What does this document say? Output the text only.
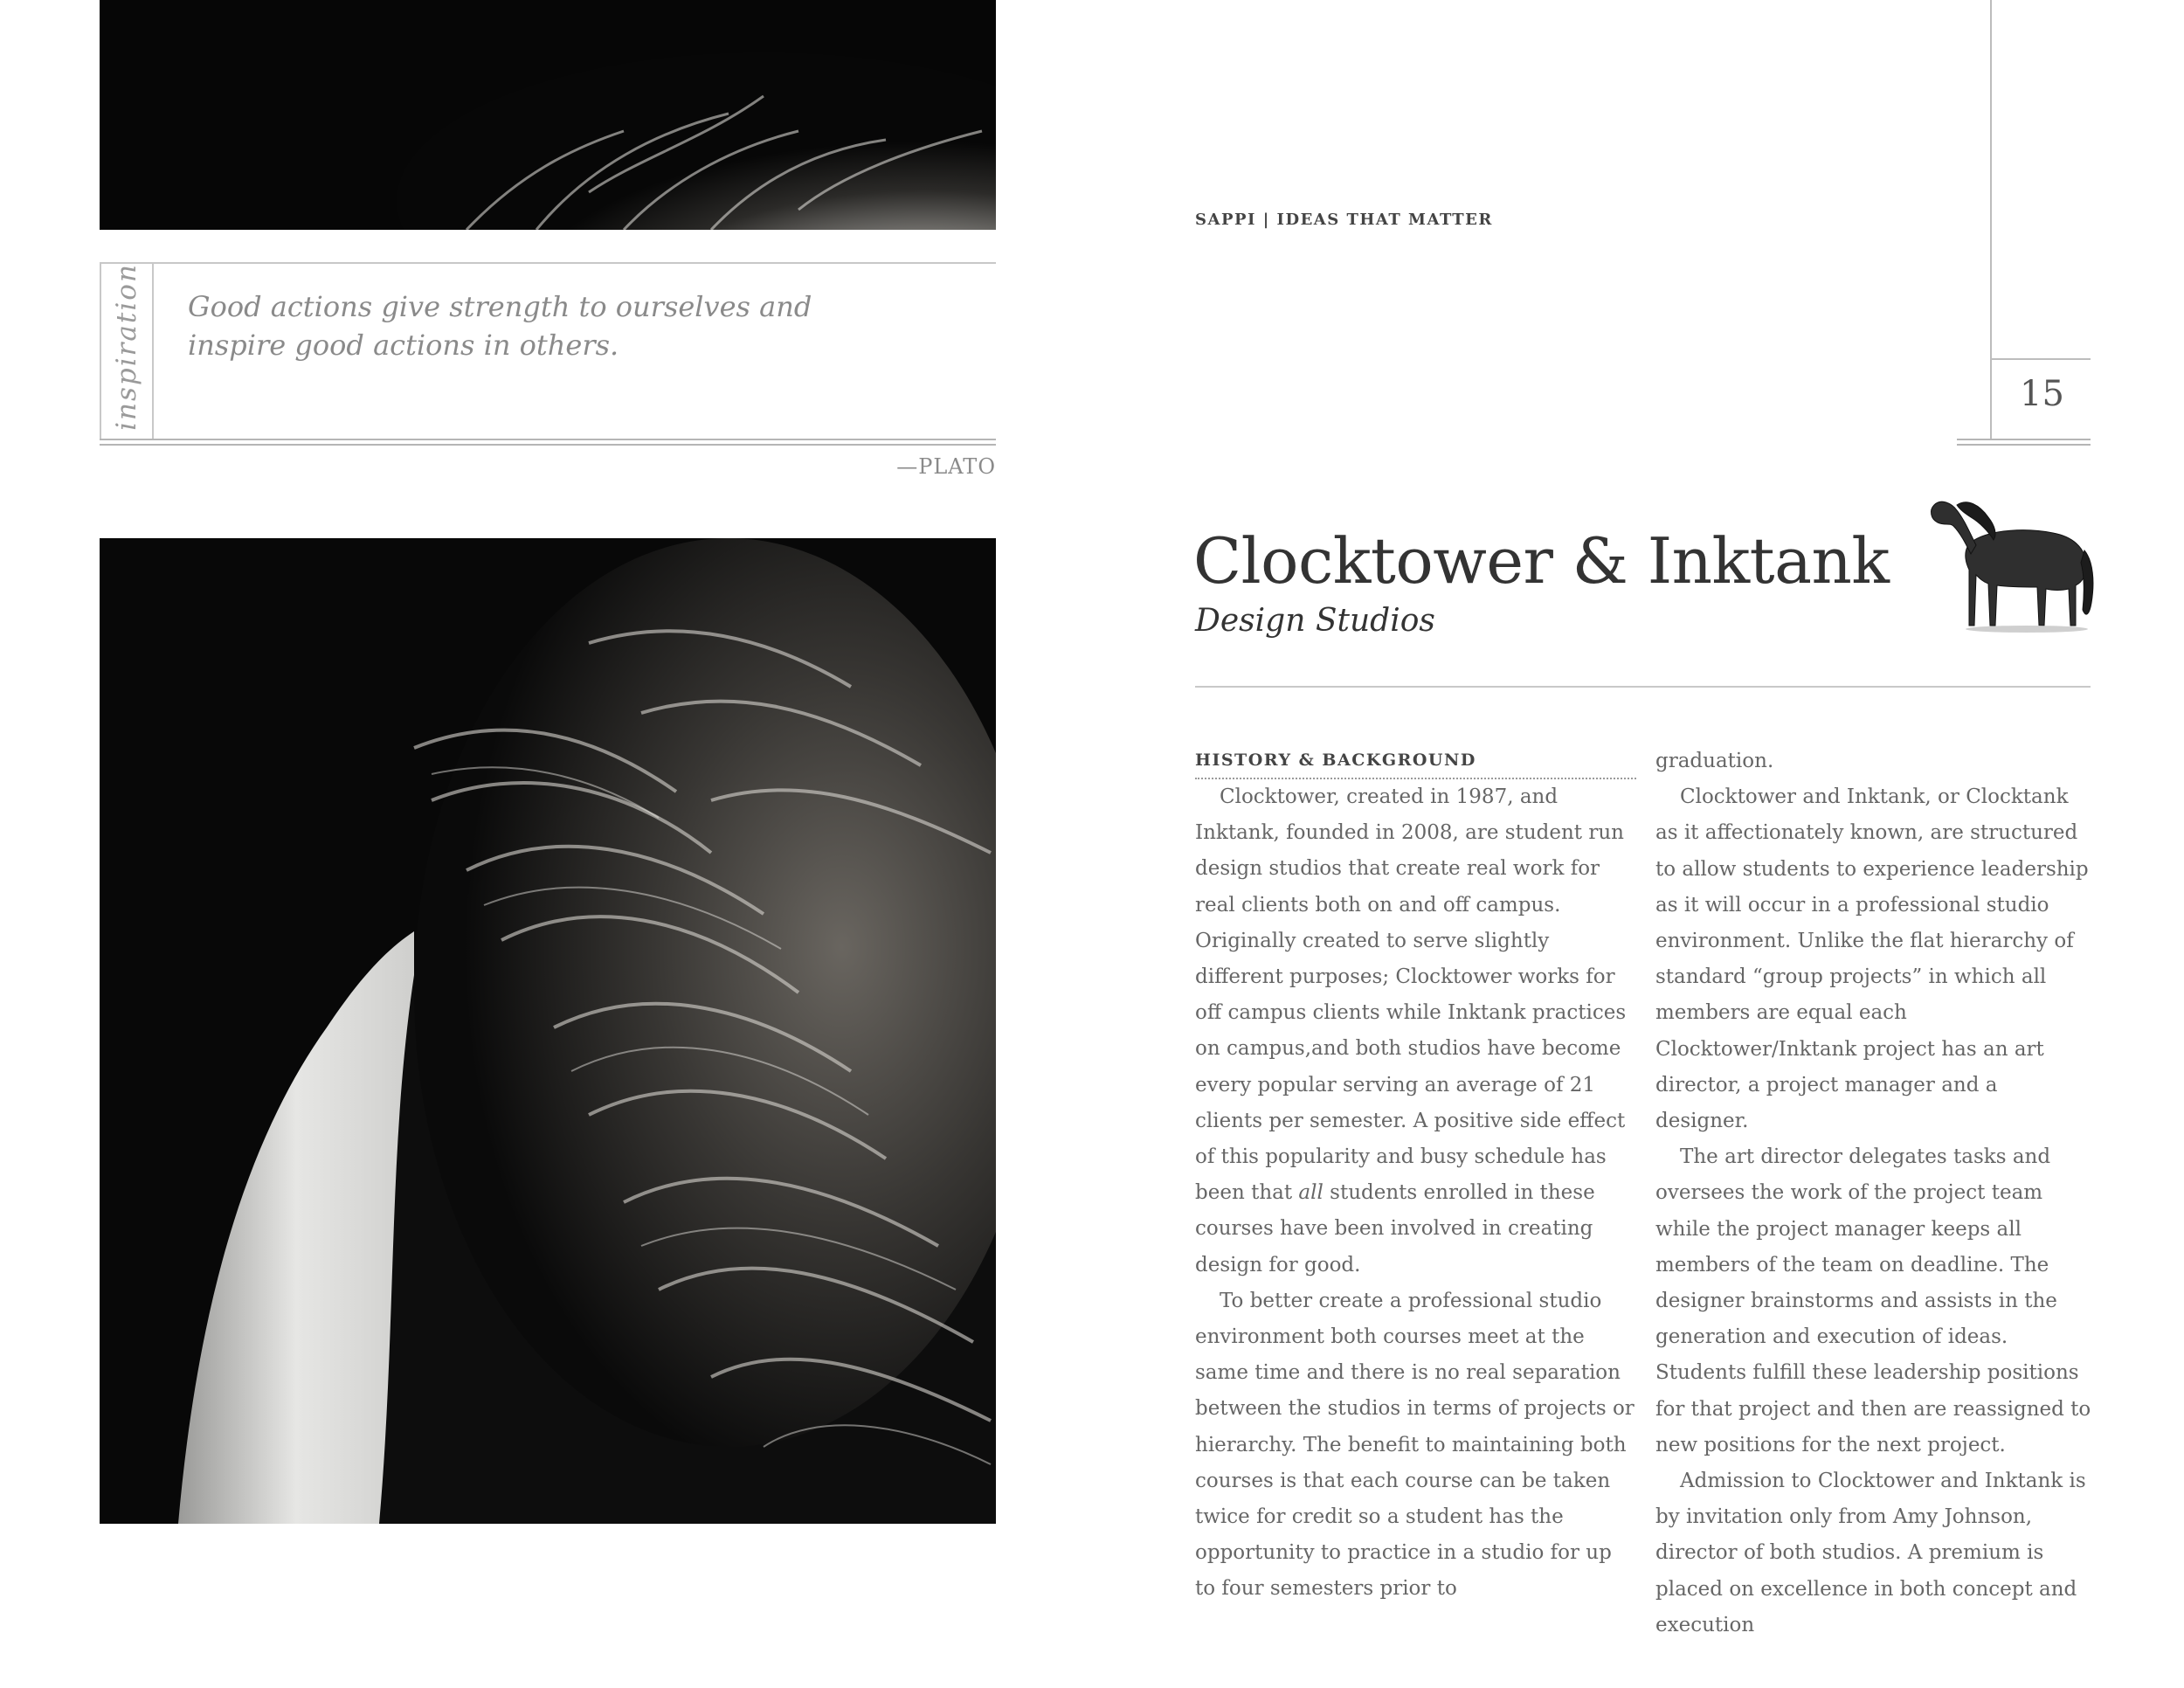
inspiration Good actions give strength to ourselves and inspire good actions in others.
—PLATO
SAPPI | IDEAS THAT MATTER
15
Clocktower & Inktank
Design Studios
HISTORY & BACKGROUND

Clocktower, created in 1987, and Inktank, founded in 2008, are student run design studios that create real work for real clients both on and off campus. Originally created to serve slightly different purposes; Clocktower works for off campus clients while Inktank practices on campus,and both studios have become every popular serving an average of 21 clients per semester. A positive side effect of this popularity and busy schedule has been that all students enrolled in these courses have been involved in creating design for good.

To better create a professional studio environment both courses meet at the same time and there is no real separation between the studios in terms of projects or hierarchy. The benefit to maintaining both courses is that each course can be taken twice for credit so a student has the opportunity to practice in a studio for up to four semesters prior to

graduation.

Clocktower and Inktank, or Clocktank as it affectionately known, are structured to allow students to experience leadership as it will occur in a professional studio environment. Unlike the flat hierarchy of standard “group projects” in which all members are equal each Clocktower/Inktank project has an art director, a project manager and a designer.

The art director delegates tasks and oversees the work of the project team while the project manager keeps all members of the team on deadline. The designer brainstorms and assists in the generation and execution of ideas. Students fulfill these leadership positions for that project and then are reassigned to new positions for the next project.

Admission to Clocktower and Inktank is by invitation only from Amy Johnson, director of both studios. A premium is placed on excellence in both concept and execution
